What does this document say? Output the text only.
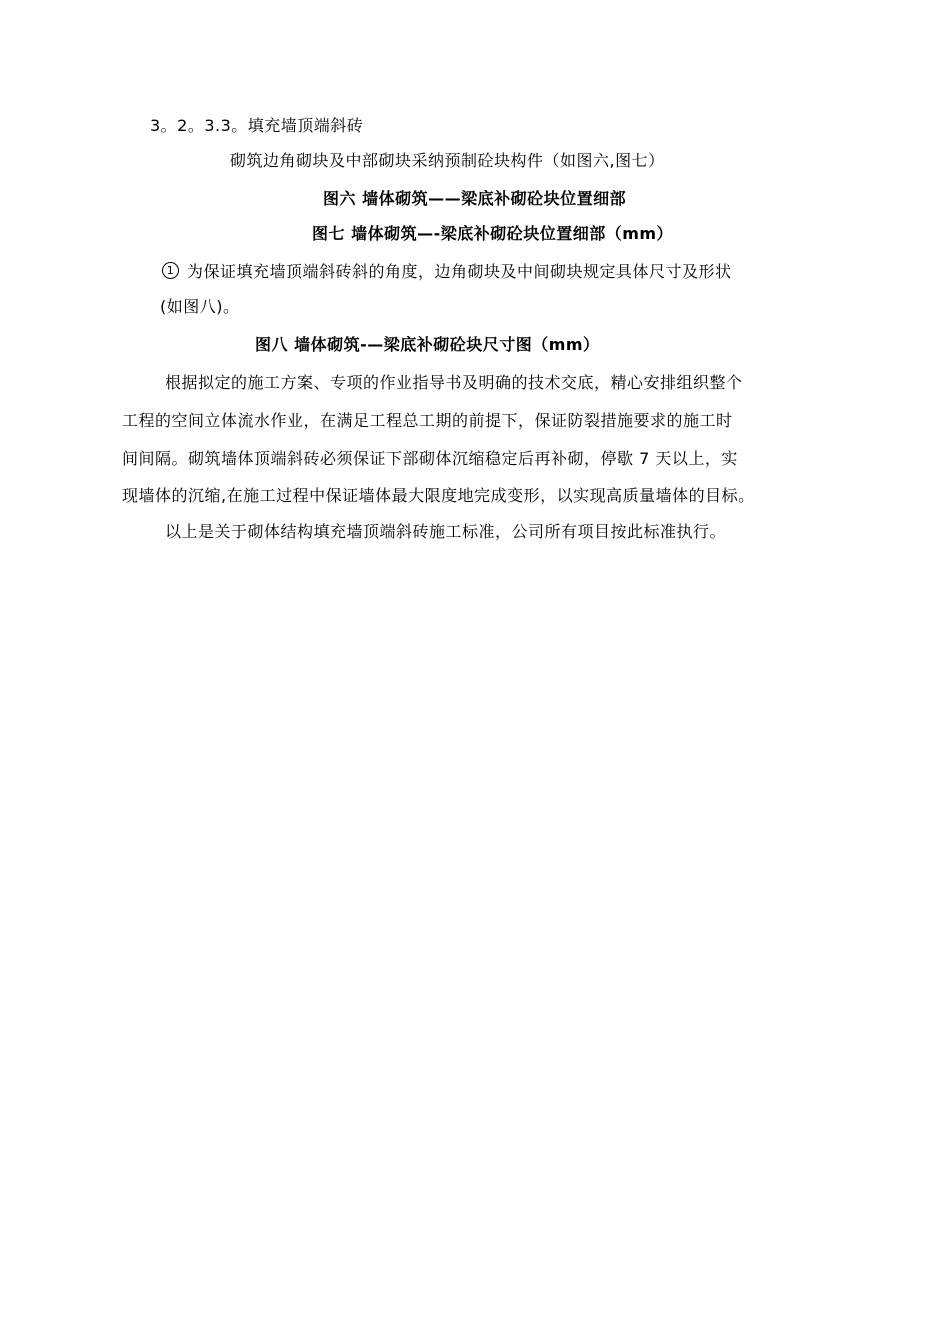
3。2。3.3。填充墙顶端斜砖
砌筑边角砌块及中部砌块采纳预制砼块构件（如图六,图七）
图六 墙体砌筑——梁底补砌砼块位置细部
图七 墙体砌筑—-梁底补砌砼块位置细部（mm）
1 为保证填充墙顶端斜砖斜的角度，边角砌块及中间砌块规定具体尺寸及形状
(如图八)。
图八 墙体砌筑-—梁底补砌砼块尺寸图（mm）
根据拟定的施工方案、专项的作业指导书及明确的技术交底，精心安排组织整个
工程的空间立体流水作业，在满足工程总工期的前提下，保证防裂措施要求的施工时
间间隔。砌筑墙体顶端斜砖必须保证下部砌体沉缩稳定后再补砌，停歇 7 天以上，实
现墙体的沉缩,在施工过程中保证墙体最大限度地完成变形，以实现高质量墙体的目标。
以上是关于砌体结构填充墙顶端斜砖施工标准，公司所有项目按此标准执行。
